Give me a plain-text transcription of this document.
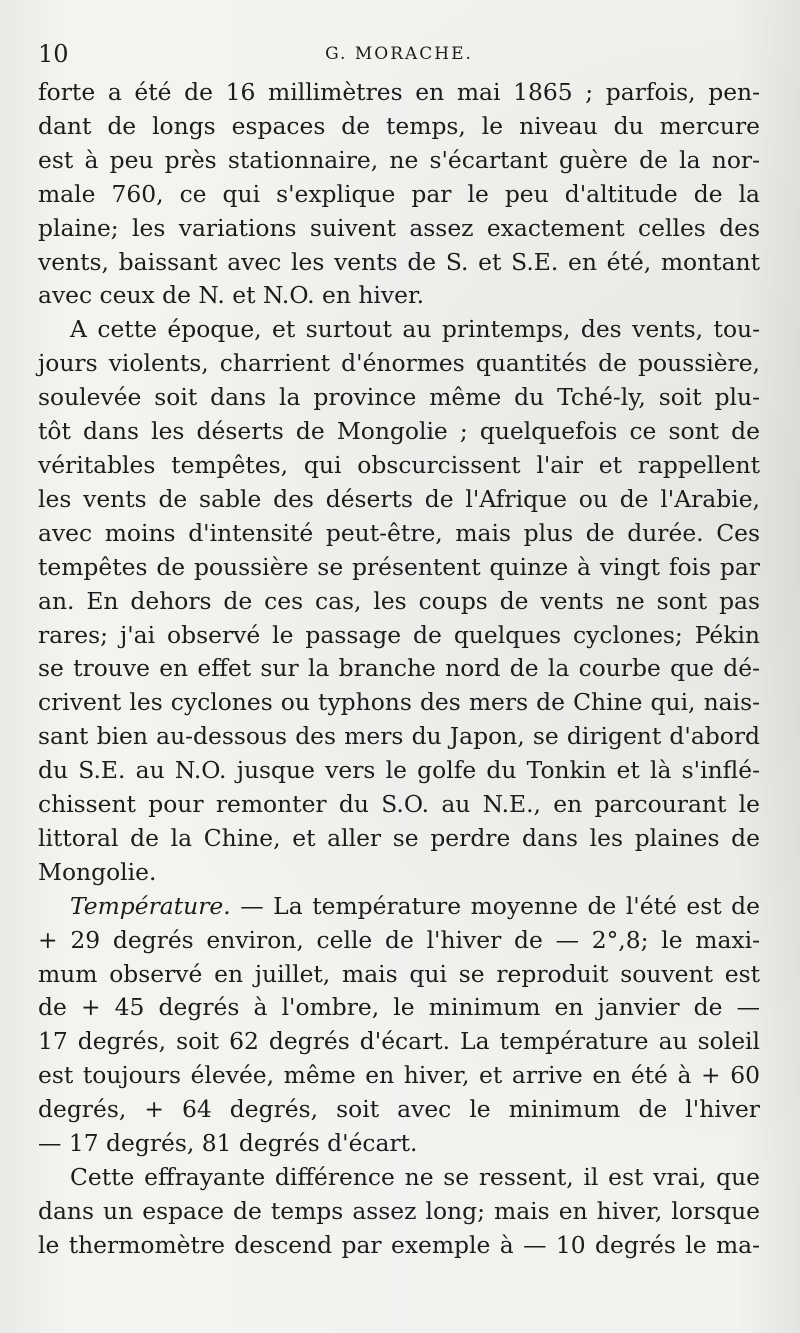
10	G. MORACHE.
forte a été de 16 millimètres en mai 1865 ; parfois, pen-
dant de longs espaces de temps, le niveau du mercure
est à peu près stationnaire, ne s'écartant guère de la nor-
male 760, ce qui s'explique par le peu d'altitude de la
plaine; les variations suivent assez exactement celles des
vents, baissant avec les vents de S. et S.E. en été, montant
avec ceux de N. et N.O. en hiver.
A cette époque, et surtout au printemps, des vents, tou-
jours violents, charrient d'énormes quantités de poussière,
soulevée soit dans la province même du Tché-ly, soit plu-
tôt dans les déserts de Mongolie ; quelquefois ce sont de
véritables tempêtes, qui obscurcissent l'air et rappellent
les vents de sable des déserts de l'Afrique ou de l'Arabie,
avec moins d'intensité peut-être, mais plus de durée. Ces
tempêtes de poussière se présentent quinze à vingt fois par
an. En dehors de ces cas, les coups de vents ne sont pas
rares; j'ai observé le passage de quelques cyclones; Pékin
se trouve en effet sur la branche nord de la courbe que dé-
crivent les cyclones ou typhons des mers de Chine qui, nais-
sant bien au-dessous des mers du Japon, se dirigent d'abord
du S.E. au N.O. jusque vers le golfe du Tonkin et là s'inflé-
chissent pour remonter du S.O. au N.E., en parcourant le
littoral de la Chine, et aller se perdre dans les plaines de
Mongolie.
Température. — La température moyenne de l'été est de
+ 29 degrés environ, celle de l'hiver de — 2°,8; le maxi-
mum observé en juillet, mais qui se reproduit souvent est
de + 45 degrés à l'ombre, le minimum en janvier de —
17 degrés, soit 62 degrés d'écart. La température au soleil
est toujours élevée, même en hiver, et arrive en été à + 60
degrés, + 64 degrés, soit avec le minimum de l'hiver
— 17 degrés, 81 degrés d'écart.
Cette effrayante différence ne se ressent, il est vrai, que
dans un espace de temps assez long; mais en hiver, lorsque
le thermomètre descend par exemple à — 10 degrés le ma-
